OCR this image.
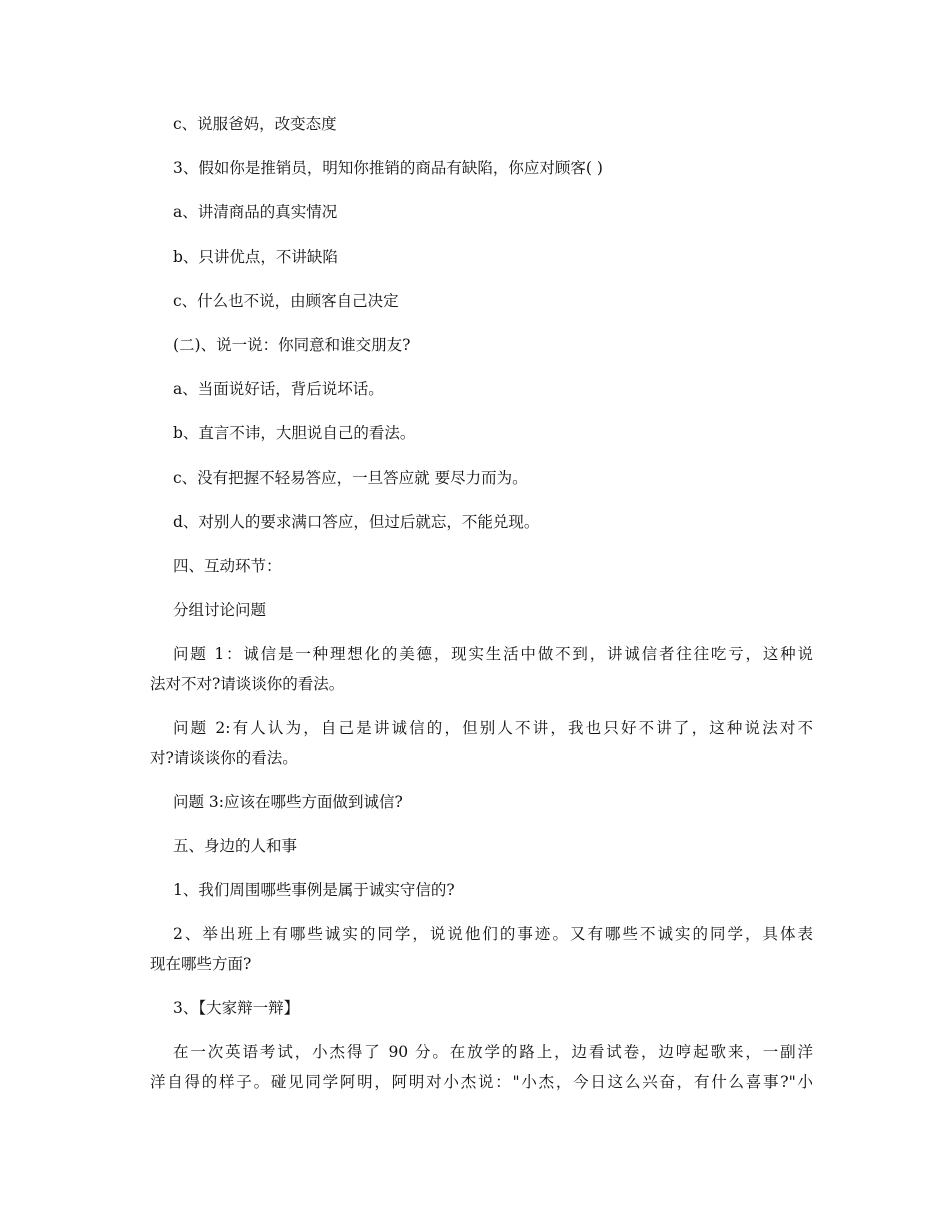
c、说服爸妈，改变态度

3、假如你是推销员，明知你推销的商品有缺陷，你应对顾客( )

a、讲清商品的真实情况

b、只讲优点，不讲缺陷

c、什么也不说，由顾客自己决定

(二)、说一说：你同意和谁交朋友?

a、当面说好话，背后说坏话。

b、直言不讳，大胆说自己的看法。

c、没有把握不轻易答应，一旦答应就 要尽力而为。

d、对别人的要求满口答应，但过后就忘，不能兑现。

四、互动环节：

分组讨论问题

问题 1：诚信是一种理想化的美德，现实生活中做不到，讲诚信者往往吃亏，这种说
法对不对?请谈谈你的看法。

问题 2:有人认为，自己是讲诚信的，但别人不讲，我也只好不讲了，这种说法对不
对?请谈谈你的看法。

问题 3:应该在哪些方面做到诚信?

五、身边的人和事

1、我们周围哪些事例是属于诚实守信的?

2、举出班上有哪些诚实的同学，说说他们的事迹。又有哪些不诚实的同学，具体表
现在哪些方面?

3、【大家辩一辩】

在一次英语考试，小杰得了 90 分。在放学的路上，边看试卷，边哼起歌来，一副洋
洋自得的样子。碰见同学阿明，阿明对小杰说："小杰，今日这么兴奋，有什么喜事?"小
